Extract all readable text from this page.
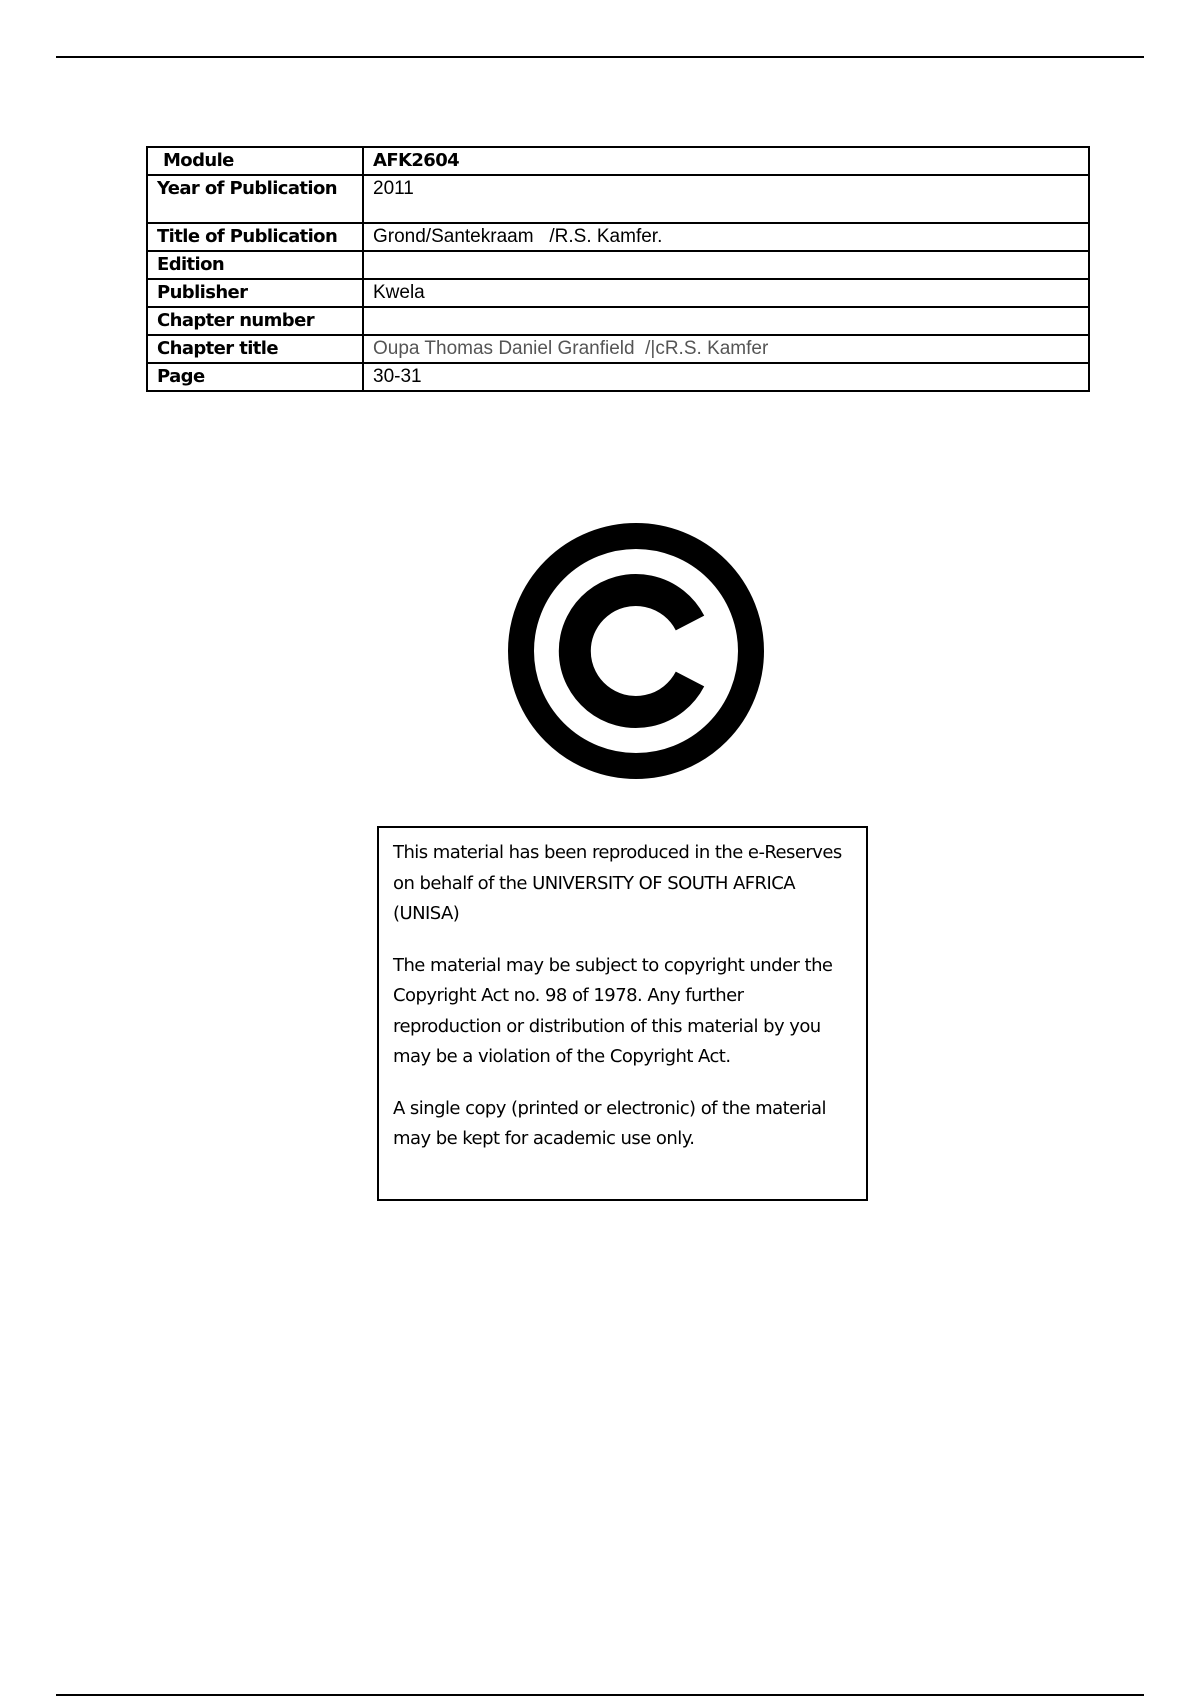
Module	AFK2604
Year of Publication	2011
Title of Publication	Grond/Santekraam   /R.S. Kamfer.
Edition	
Publisher	Kwela
Chapter number	
Chapter title	Oupa Thomas Daniel Granfield  /|cR.S. Kamfer
Page	30-31

This material has been reproduced in the e-Reserves on behalf of the UNIVERSITY OF SOUTH AFRICA (UNISA)

The material may be subject to copyright under the Copyright Act no. 98 of 1978. Any further reproduction or distribution of this material by you may be a violation of the Copyright Act.

A single copy (printed or electronic) of the material may be kept for academic use only.
